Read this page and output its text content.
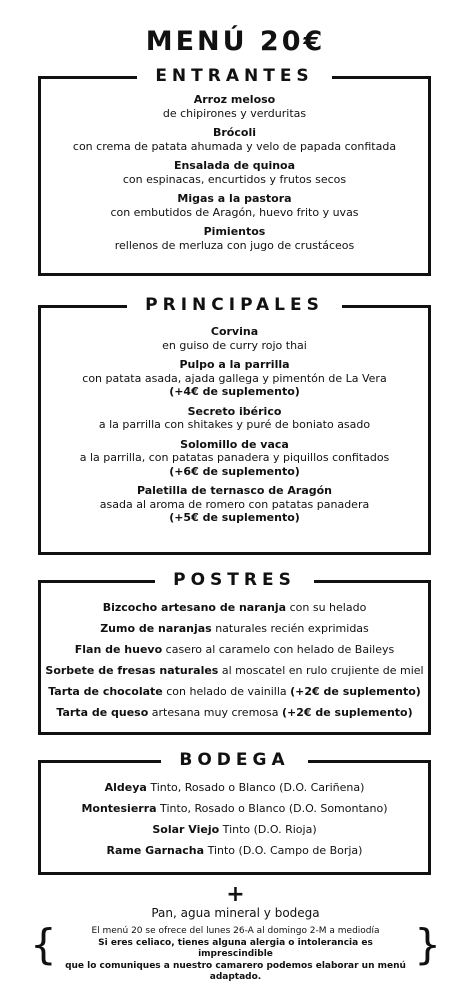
MENÚ 20€
ENTRANTES
Arroz meloso
de chipirones y verduritas
Brócoli
con crema de patata ahumada y velo de papada confitada
Ensalada de quinoa
con espinacas, encurtidos y frutos secos
Migas a la pastora
con embutidos de Aragón, huevo frito y uvas
Pimientos
rellenos de merluza con jugo de crustáceos
PRINCIPALES
Corvina
en guiso de curry rojo thai
Pulpo a la parrilla
con patata asada, ajada gallega y pimentón de La Vera
(+4€ de suplemento)
Secreto ibérico
a la parrilla con shitakes y puré de boniato asado
Solomillo de vaca
a la parrilla, con patatas panadera y piquillos confitados
(+6€ de suplemento)
Paletilla de ternasco de Aragón
asada al aroma de romero con patatas panadera
(+5€ de suplemento)
POSTRES
Bizcocho artesano de naranja con su helado
Zumo de naranjas naturales recién exprimidas
Flan de huevo casero al caramelo con helado de Baileys
Sorbete de fresas naturales al moscatel en rulo crujiente de miel
Tarta de chocolate con helado de vainilla (+2€ de suplemento)
Tarta de queso artesana muy cremosa (+2€ de suplemento)
BODEGA
Aldeya Tinto, Rosado o Blanco (D.O. Cariñena)
Montesierra Tinto, Rosado o Blanco (D.O. Somontano)
Solar Viejo Tinto (D.O. Rioja)
Rame Garnacha Tinto (D.O. Campo de Borja)
+
Pan, agua mineral y bodega
{	}
El menú 20 se ofrece del lunes 26-A al domingo 2-M a mediodía
Si eres celiaco, tienes alguna alergia o intolerancia es imprescindible
que lo comuniques a nuestro camarero podemos elaborar un menú adaptado.
